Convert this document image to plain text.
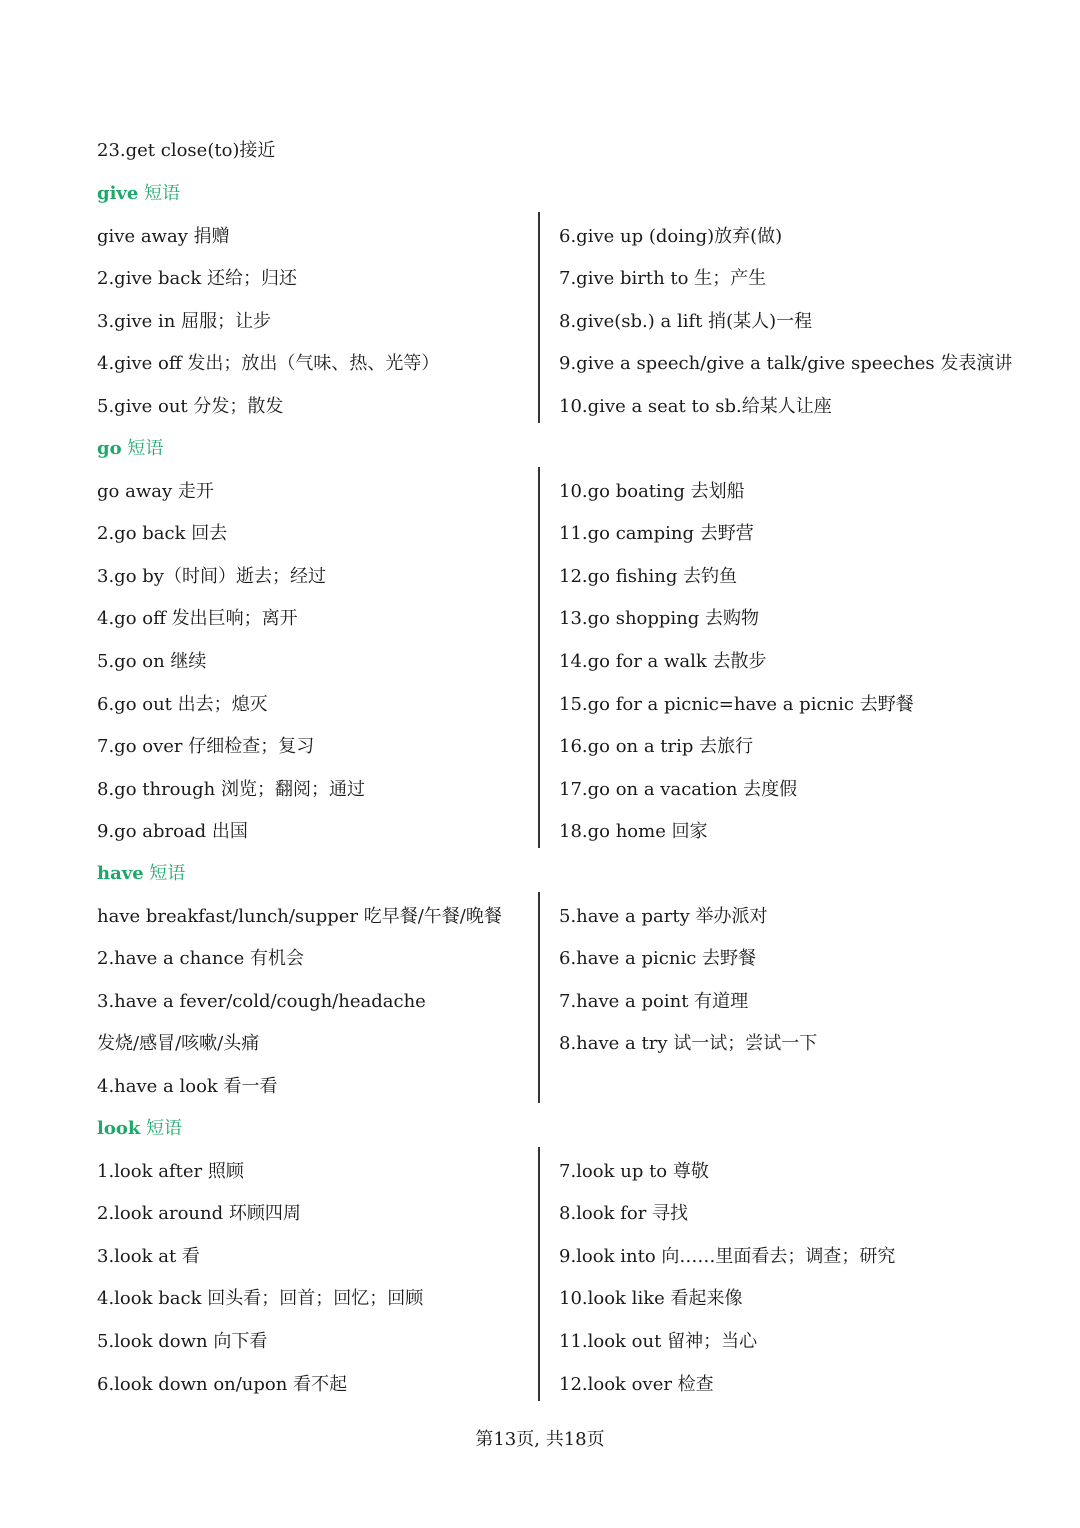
23.get close(to)接近
give 短语
give away 捐赠
2.give back 还给；归还
3.give in 屈服；让步
4.give off 发出；放出（气味、热、光等）
5.give out 分发；散发
6.give up (doing)放弃(做)
7.give birth to 生；产生
8.give(sb.) a lift 捎(某人)一程
9.give a speech/give a talk/give speeches 发表演讲
10.give a seat to sb.给某人让座
go 短语
go away 走开
2.go back 回去
3.go by（时间）逝去；经过
4.go off 发出巨响；离开
5.go on 继续
6.go out 出去；熄灭
7.go over 仔细检查；复习
8.go through 浏览；翻阅；通过
9.go abroad 出国
10.go boating 去划船
11.go camping 去野营
12.go fishing 去钓鱼
13.go shopping 去购物
14.go for a walk 去散步
15.go for a picnic=have a picnic 去野餐
16.go on a trip 去旅行
17.go on a vacation 去度假
18.go home 回家
have 短语
have breakfast/lunch/supper 吃早餐/午餐/晚餐
2.have a chance 有机会
3.have a fever/cold/cough/headache
发烧/感冒/咳嗽/头痛
4.have a look 看一看
5.have a party 举办派对
6.have a picnic 去野餐
7.have a point 有道理
8.have a try 试一试；尝试一下
look 短语
1.look after 照顾
2.look around 环顾四周
3.look at 看
4.look back 回头看；回首；回忆；回顾
5.look down 向下看
6.look down on/upon 看不起
7.look up to 尊敬
8.look for 寻找
9.look into 向……里面看去；调查；研究
10.look like 看起来像
11.look out 留神；当心
12.look over 检查
第13页, 共18页
